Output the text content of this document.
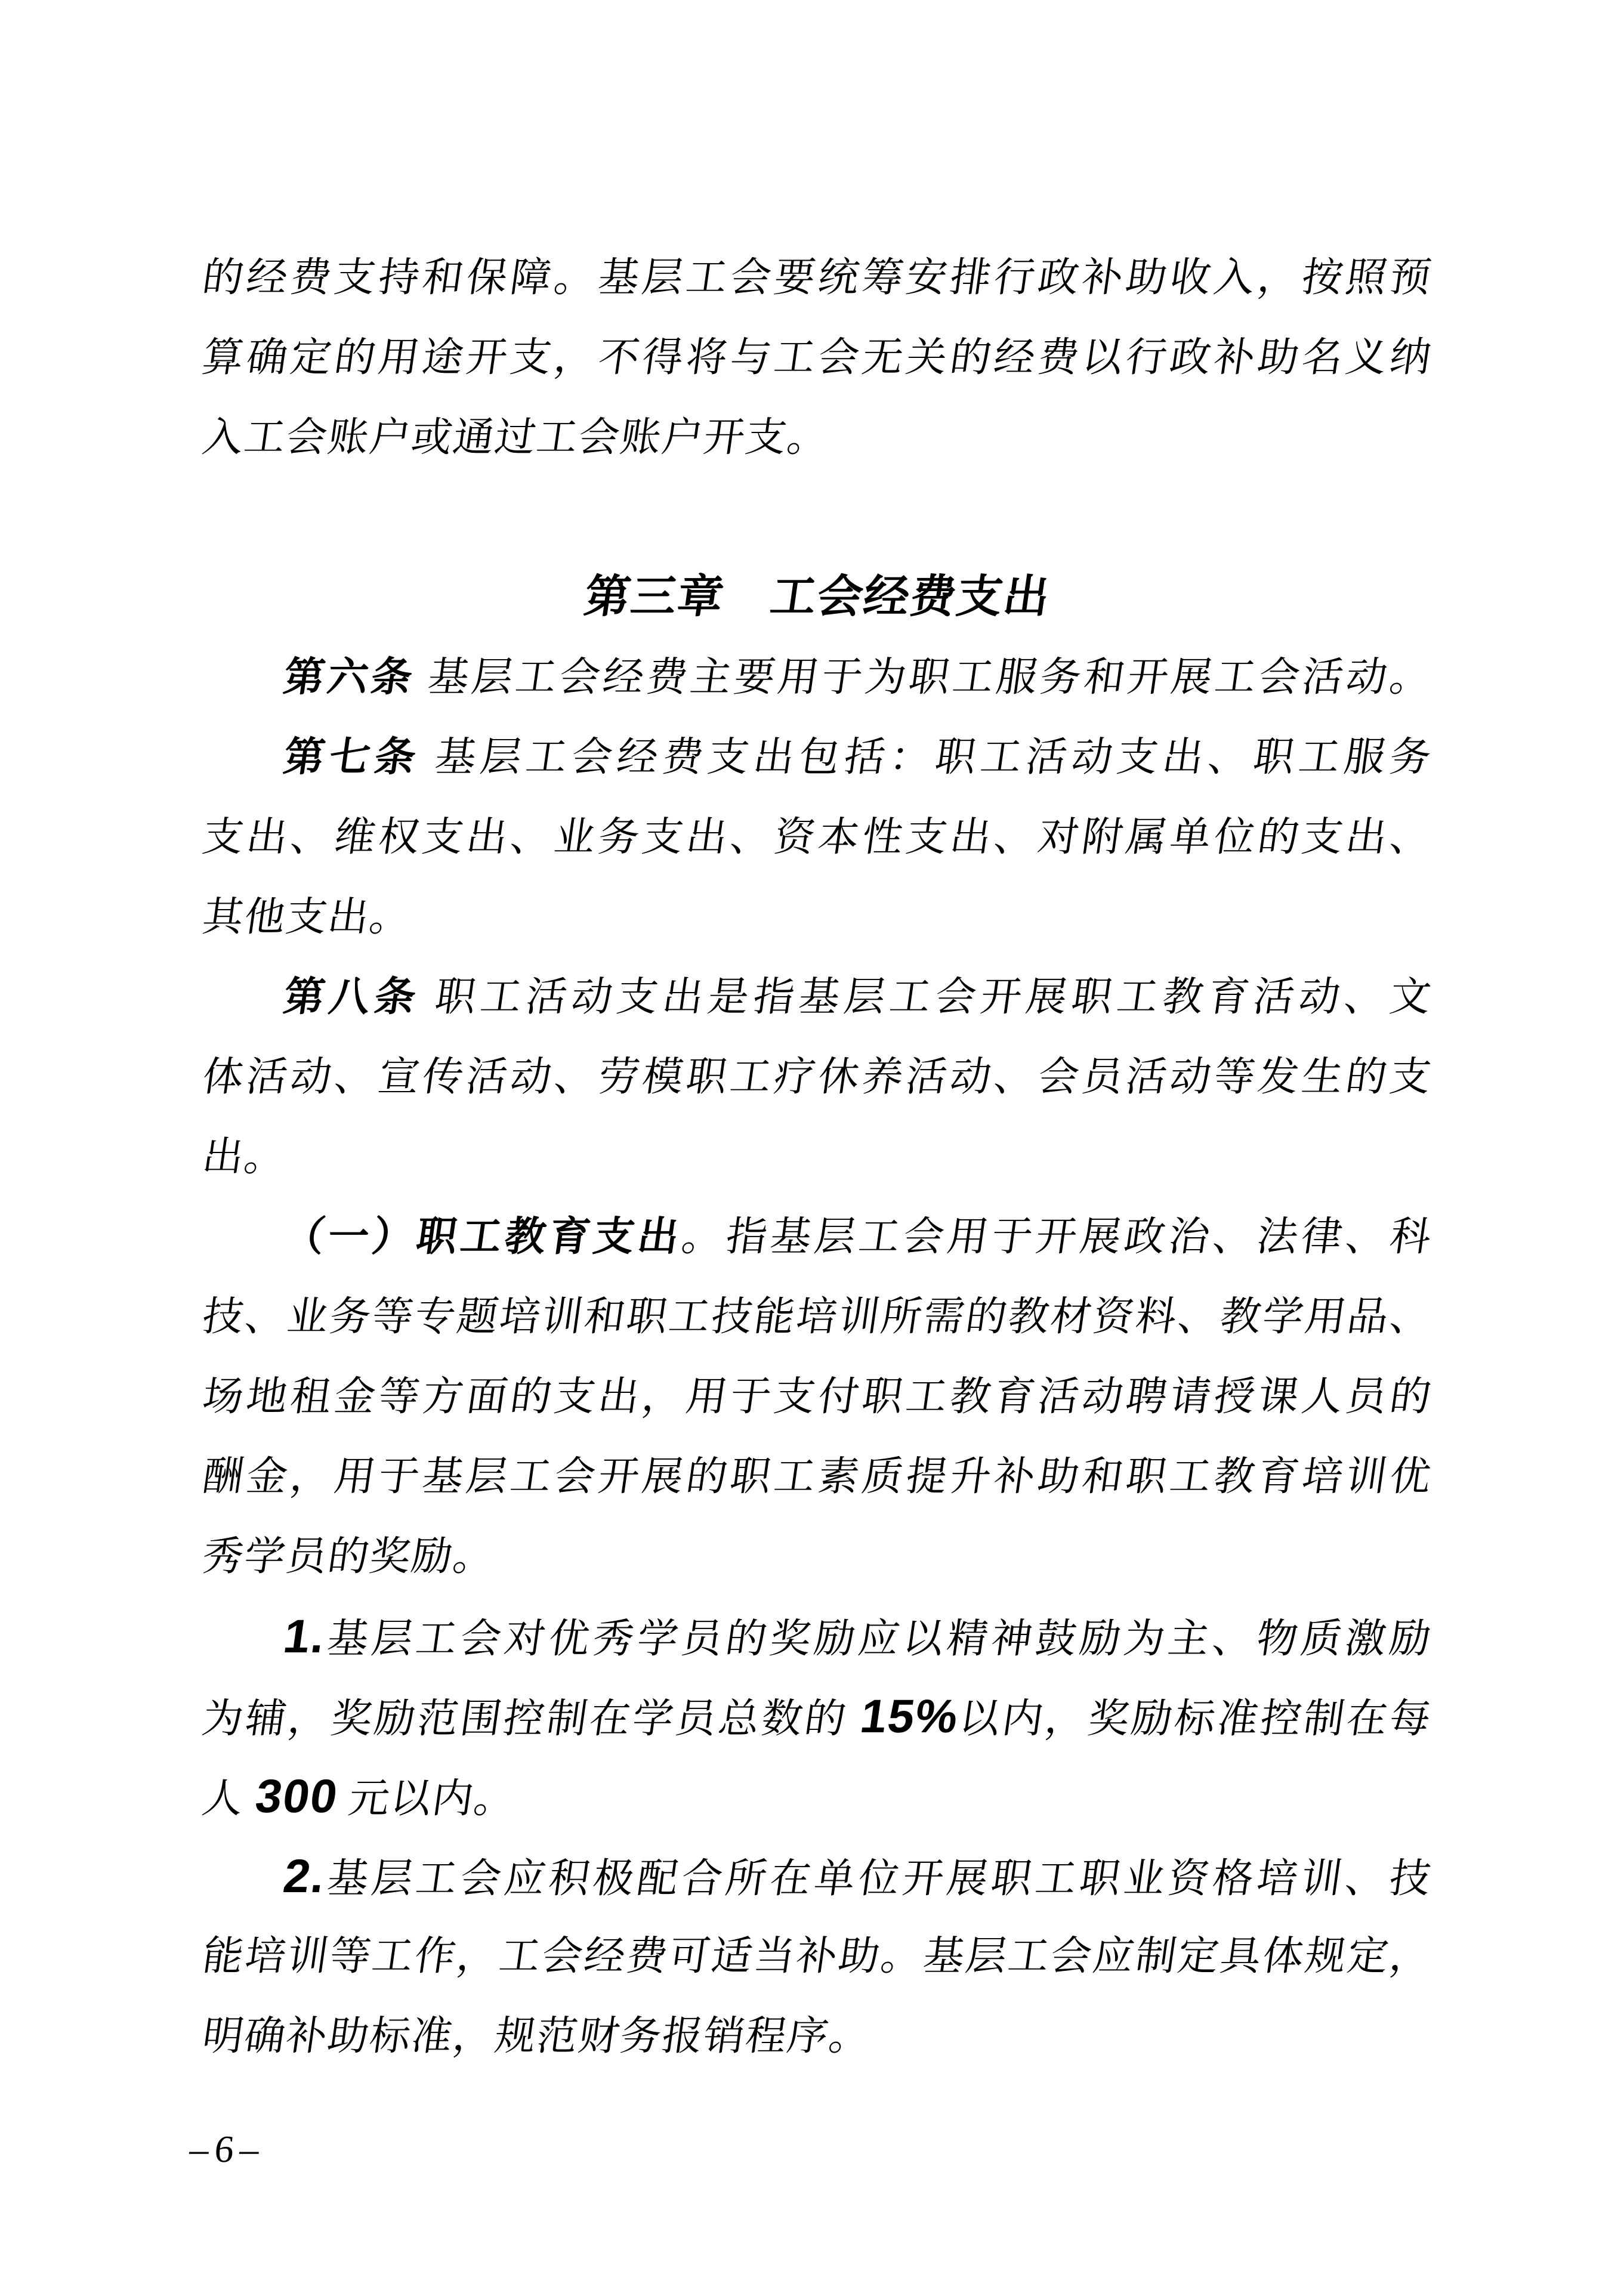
的经费支持和保障。基层工会要统筹安排行政补助收入，按照预
算确定的用途开支，不得将与工会无关的经费以行政补助名义纳
入工会账户或通过工会账户开支。
第三章　工会经费支出
第六条 基层工会经费主要用于为职工服务和开展工会活动。
第七条 基层工会经费支出包括：职工活动支出、职工服务
支出、维权支出、业务支出、资本性支出、对附属单位的支出、
其他支出。
第八条 职工活动支出是指基层工会开展职工教育活动、文
体活动、宣传活动、劳模职工疗休养活动、会员活动等发生的支
出。
（一）职工教育支出。指基层工会用于开展政治、法律、科
技、业务等专题培训和职工技能培训所需的教材资料、教学用品、
场地租金等方面的支出，用于支付职工教育活动聘请授课人员的
酬金，用于基层工会开展的职工素质提升补助和职工教育培训优
秀学员的奖励。
1.基层工会对优秀学员的奖励应以精神鼓励为主、物质激励
为辅，奖励范围控制在学员总数的 15%以内，奖励标准控制在每
人 300 元以内。
2.基层工会应积极配合所在单位开展职工职业资格培训、技
能培训等工作，工会经费可适当补助。基层工会应制定具体规定，
明确补助标准，规范财务报销程序。
–6–
